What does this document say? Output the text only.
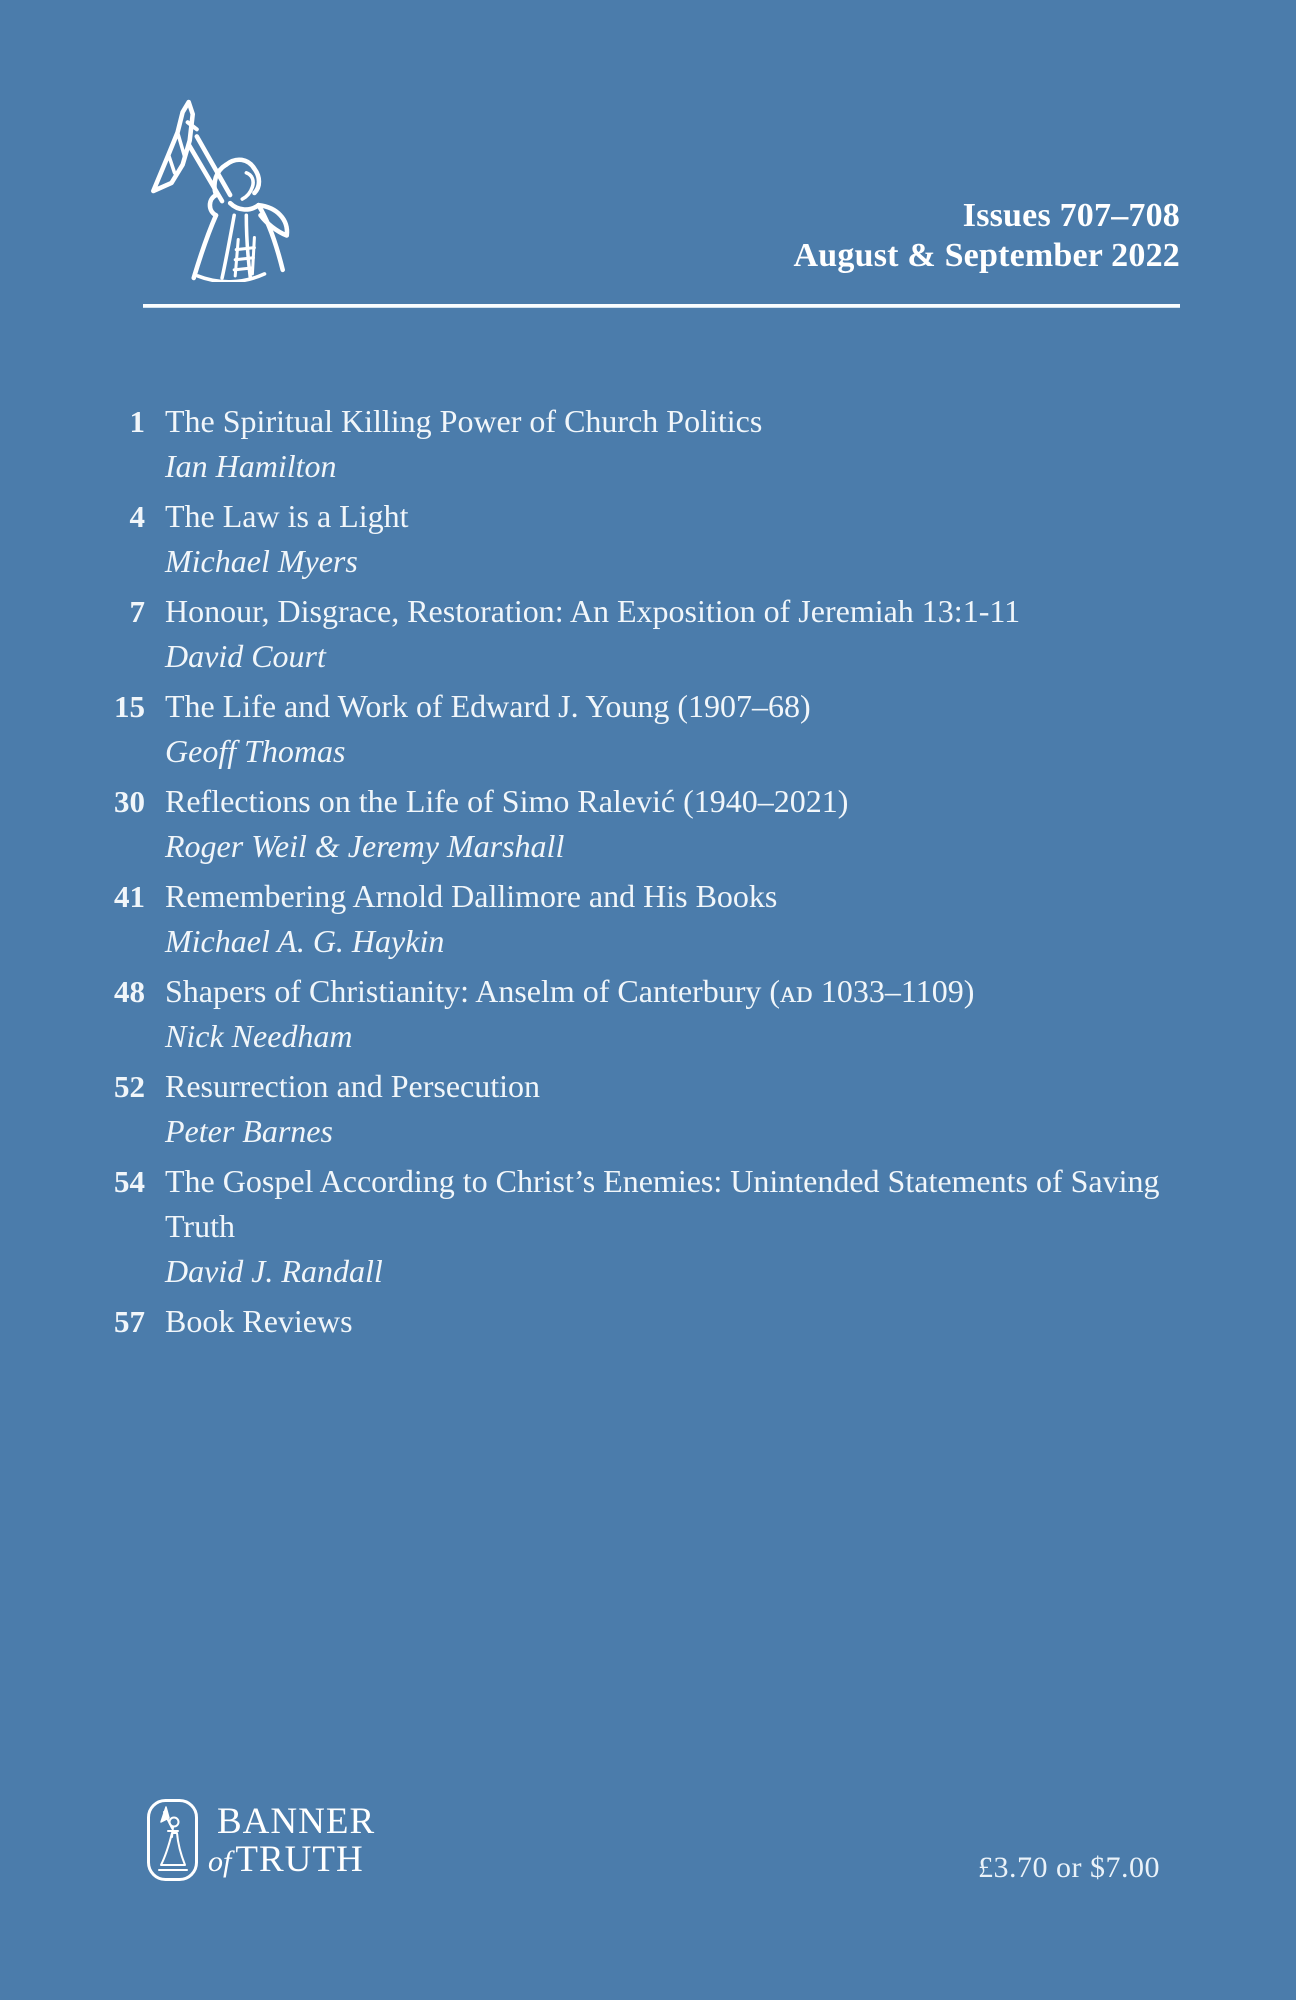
Issues 707–708
August & September 2022
1 The Spiritual Killing Power of Church Politics
Ian Hamilton
4 The Law is a Light
Michael Myers
7 Honour, Disgrace, Restoration: An Exposition of Jeremiah 13:1-11
David Court
15 The Life and Work of Edward J. Young (1907–68)
Geoff Thomas
30 Reflections on the Life of Simo Ralević (1940–2021)
Roger Weil & Jeremy Marshall
41 Remembering Arnold Dallimore and His Books
Michael A. G. Haykin
48 Shapers of Christianity: Anselm of Canterbury (ᴀᴅ 1033–1109)
Nick Needham
52 Resurrection and Persecution
Peter Barnes
54 The Gospel According to Christ’s Enemies: Unintended Statements of Saving Truth
David J. Randall
57 Book Reviews
BANNER
of TRUTH	£3.70 or $7.00
